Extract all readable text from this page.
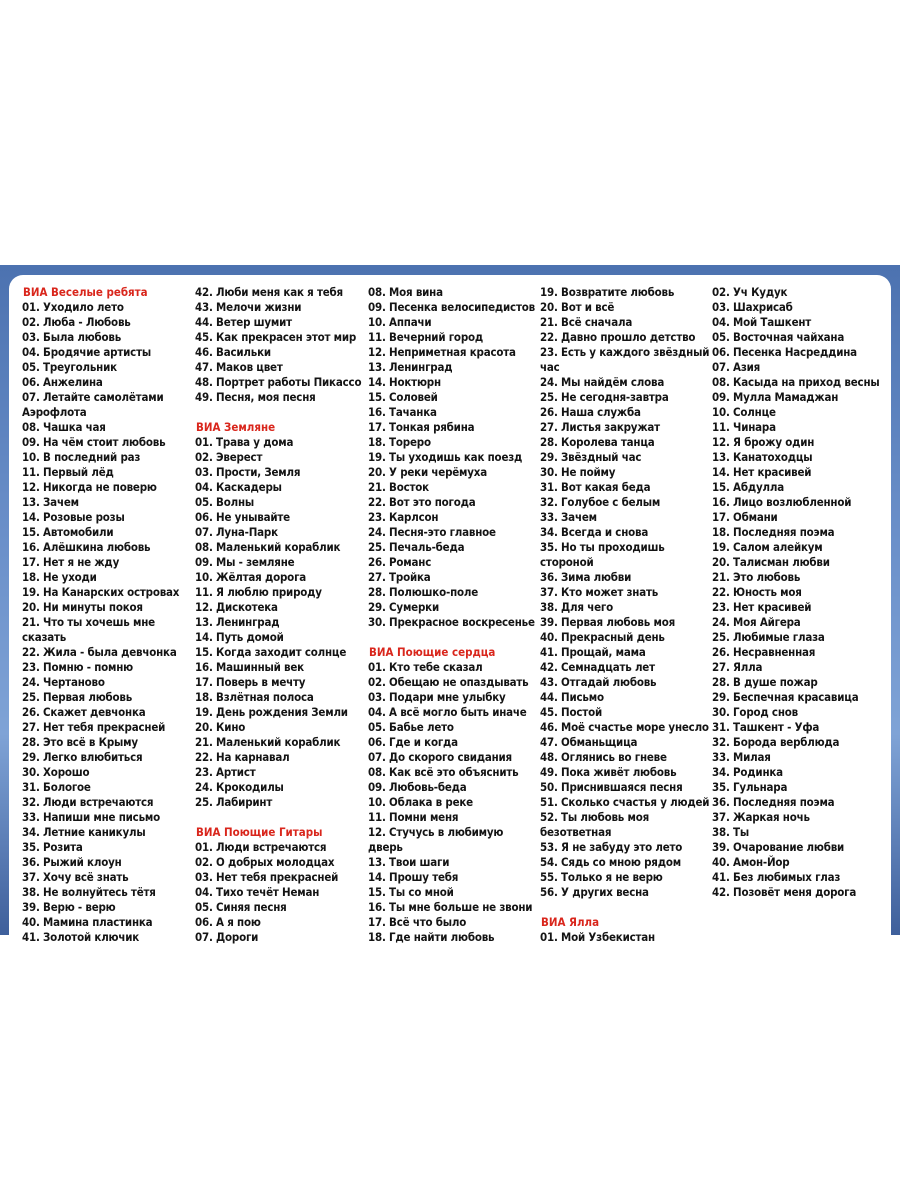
ВИА Веселые ребята
01. Уходило лето
02. Люба - Любовь
03. Была любовь
04. Бродячие артисты
05. Треугольник
06. Анжелина
07. Летайте самолётами
Аэрофлота
08. Чашка чая
09. На чём стоит любовь
10. В последний раз
11. Первый лёд
12. Никогда не поверю
13. Зачем
14. Розовые розы
15. Автомобили
16. Алёшкина любовь
17. Нет я не жду
18. Не уходи
19. На Канарских островах
20. Ни минуты покоя
21. Что ты хочешь мне
сказать
22. Жила - была девчонка
23. Помню - помню
24. Чертаново
25. Первая любовь
26. Скажет девчонка
27. Нет тебя прекрасней
28. Это всё в Крыму
29. Легко влюбиться
30. Хорошо
31. Бологое
32. Люди встречаются
33. Напиши мне письмо
34. Летние каникулы
35. Розита
36. Рыжий клоун
37. Хочу всё знать
38. Не волнуйтесь тётя
39. Верю - верю
40. Мамина пластинка
41. Золотой ключик
42. Люби меня как я тебя
43. Мелочи жизни
44. Ветер шумит
45. Как прекрасен этот мир
46. Васильки
47. Маков цвет
48. Портрет работы Пикассо
49. Песня, моя песня
ВИА Земляне
01. Трава у дома
02. Эверест
03. Прости, Земля
04. Каскадеры
05. Волны
06. Не унывайте
07. Луна-Парк
08. Маленький кораблик
09. Мы - земляне
10. Жёлтая дорога
11. Я люблю природу
12. Дискотека
13. Ленинград
14. Путь домой
15. Когда заходит солнце
16. Машинный век
17. Поверь в мечту
18. Взлётная полоса
19. День рождения Земли
20. Кино
21. Маленький кораблик
22. На карнавал
23. Артист
24. Крокодилы
25. Лабиринт
ВИА Поющие Гитары
01. Люди встречаются
02. О добрых молодцах
03. Нет тебя прекрасней
04. Тихо течёт Неман
05. Синяя песня
06. А я пою
07. Дороги
08. Моя вина
09. Песенка велосипедистов
10. Аппачи
11. Вечерний город
12. Неприметная красота
13. Ленинград
14. Ноктюрн
15. Соловей
16. Тачанка
17. Тонкая рябина
18. Тореро
19. Ты уходишь как поезд
20. У реки черёмуха
21. Восток
22. Вот это погода
23. Карлсон
24. Песня-это главное
25. Печаль-беда
26. Романс
27. Тройка
28. Полюшко-поле
29. Сумерки
30. Прекрасное воскресенье
ВИА Поющие сердца
01. Кто тебе сказал
02. Обещаю не опаздывать
03. Подари мне улыбку
04. А всё могло быть иначе
05. Бабье лето
06. Где и когда
07. До скорого свидания
08. Как всё это объяснить
09. Любовь-беда
10. Облака в реке
11. Помни меня
12. Стучусь в любимую
дверь
13. Твои шаги
14. Прошу тебя
15. Ты со мной
16. Ты мне больше не звони
17. Всё что было
18. Где найти любовь
19. Возвратите любовь
20. Вот и всё
21. Всё сначала
22. Давно прошло детство
23. Есть у каждого звёздный
час
24. Мы найдём слова
25. Не сегодня-завтра
26. Наша служба
27. Листья закружат
28. Королева танца
29. Звёздный час
30. Не пойму
31. Вот какая беда
32. Голубое с белым
33. Зачем
34. Всегда и снова
35. Но ты проходишь
стороной
36. Зима любви
37. Кто может знать
38. Для чего
39. Первая любовь моя
40. Прекрасный день
41. Прощай, мама
42. Семнадцать лет
43. Отгадай любовь
44. Письмо
45. Постой
46. Моё счастье море унесло
47. Обманьщица
48. Оглянись во гневе
49. Пока живёт любовь
50. Приснившаяся песня
51. Сколько счастья у людей
52. Ты любовь моя
безответная
53. Я не забуду это лето
54. Сядь со мною рядом
55. Только я не верю
56. У других весна
ВИА Ялла
01. Мой Узбекистан
02. Уч Кудук
03. Шахрисаб
04. Мой Ташкент
05. Восточная чайхана
06. Песенка Насреддина
07. Азия
08. Касыда на приход весны
09. Мулла Мамаджан
10. Солнце
11. Чинара
12. Я брожу один
13. Канатоходцы
14. Нет красивей
15. Абдулла
16. Лицо возлюбленной
17. Обмани
18. Последняя поэма
19. Салом алейкум
20. Талисман любви
21. Это любовь
22. Юность моя
23. Нет красивей
24. Моя Айгера
25. Любимые глаза
26. Несравненная
27. Ялла
28. В душе пожар
29. Беспечная красавица
30. Город снов
31. Ташкент - Уфа
32. Борода верблюда
33. Милая
34. Родинка
35. Гульнара
36. Последняя поэма
37. Жаркая ночь
38. Ты
39. Очарование любви
40. Амон-Йор
41. Без любимых глаз
42. Позовёт меня дорога
